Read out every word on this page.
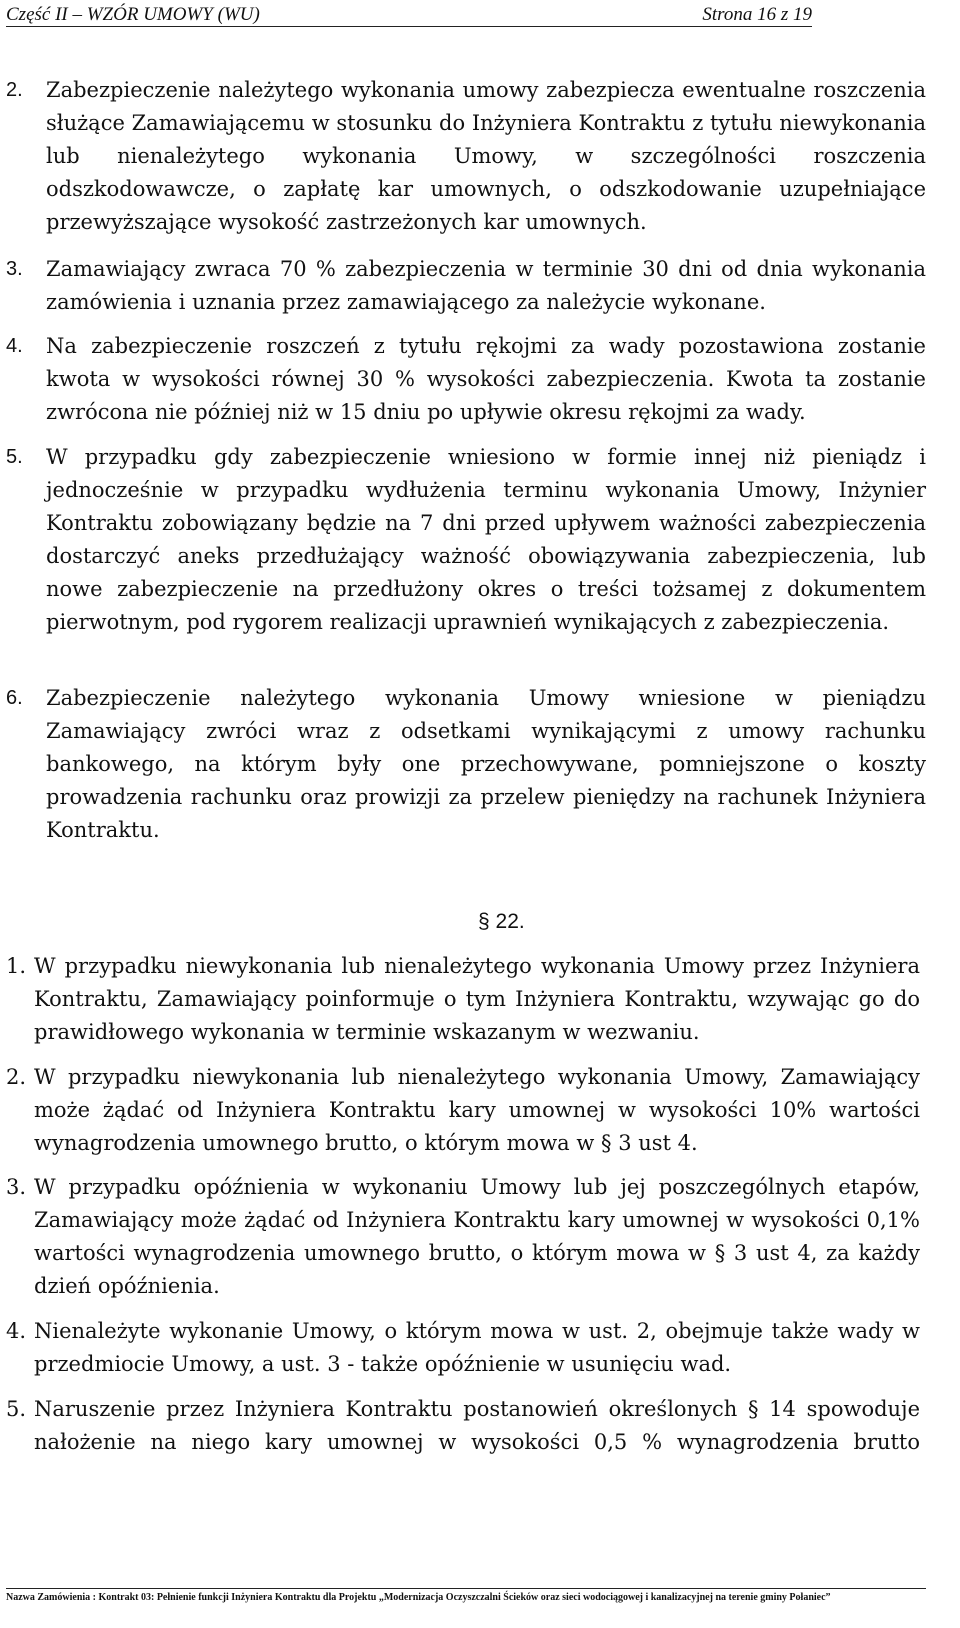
Część II – WZÓR UMOWY (WU)	Strona 16 z 19
2. Zabezpieczenie należytego wykonania umowy zabezpiecza ewentualne roszczenia służące Zamawiającemu w stosunku do Inżyniera Kontraktu z tytułu niewykonania lub nienależytego wykonania Umowy, w szczególności roszczenia odszkodowawcze, o zapłatę kar umownych, o odszkodowanie uzupełniające przewyższające wysokość zastrzeżonych kar umownych.

3. Zamawiający zwraca 70 % zabezpieczenia w terminie 30 dni od dnia wykonania zamówienia i uznania przez zamawiającego za należycie wykonane.

4. Na zabezpieczenie roszczeń z tytułu rękojmi za wady pozostawiona zostanie kwota w wysokości równej 30 % wysokości zabezpieczenia. Kwota ta zostanie zwrócona nie później niż w 15 dniu po upływie okresu rękojmi za wady.

5. W przypadku gdy zabezpieczenie wniesiono w formie innej niż pieniądz i jednocześnie w przypadku wydłużenia terminu wykonania Umowy, Inżynier Kontraktu zobowiązany będzie na 7 dni przed upływem ważności zabezpieczenia dostarczyć aneks przedłużający ważność obowiązywania zabezpieczenia, lub nowe zabezpieczenie na przedłużony okres o treści tożsamej z dokumentem pierwotnym, pod rygorem realizacji uprawnień wynikających z zabezpieczenia.

6. Zabezpieczenie należytego wykonania Umowy wniesione w pieniądzu Zamawiający zwróci wraz z odsetkami wynikającymi z umowy rachunku bankowego, na którym były one przechowywane, pomniejszone o koszty prowadzenia rachunku oraz prowizji za przelew pieniędzy na rachunek Inżyniera Kontraktu.

§ 22.
1. W przypadku niewykonania lub nienależytego wykonania Umowy przez Inżyniera Kontraktu, Zamawiający poinformuje o tym Inżyniera Kontraktu, wzywając go do prawidłowego wykonania w terminie wskazanym w wezwaniu.

2. W przypadku niewykonania lub nienależytego wykonania Umowy, Zamawiający może żądać od Inżyniera Kontraktu kary umownej w wysokości 10% wartości wynagrodzenia umownego brutto, o którym mowa w § 3 ust 4.

3. W przypadku opóźnienia w wykonaniu Umowy lub jej poszczególnych etapów, Zamawiający może żądać od Inżyniera Kontraktu kary umownej w wysokości 0,1% wartości wynagrodzenia umownego brutto, o którym mowa w § 3 ust 4, za każdy dzień opóźnienia.

4. Nienależyte wykonanie Umowy, o którym mowa w ust. 2, obejmuje także wady w przedmiocie Umowy, a ust. 3 - także opóźnienie w usunięciu wad.

5. Naruszenie przez Inżyniera Kontraktu postanowień określonych § 14 spowoduje nałożenie na niego kary umownej w wysokości 0,5 % wynagrodzenia brutto

Nazwa Zamówienia : Kontrakt 03: Pełnienie funkcji Inżyniera Kontraktu dla Projektu „Modernizacja Oczyszczalni Ścieków oraz sieci wodociągowej i kanalizacyjnej na terenie gminy Połaniec”
